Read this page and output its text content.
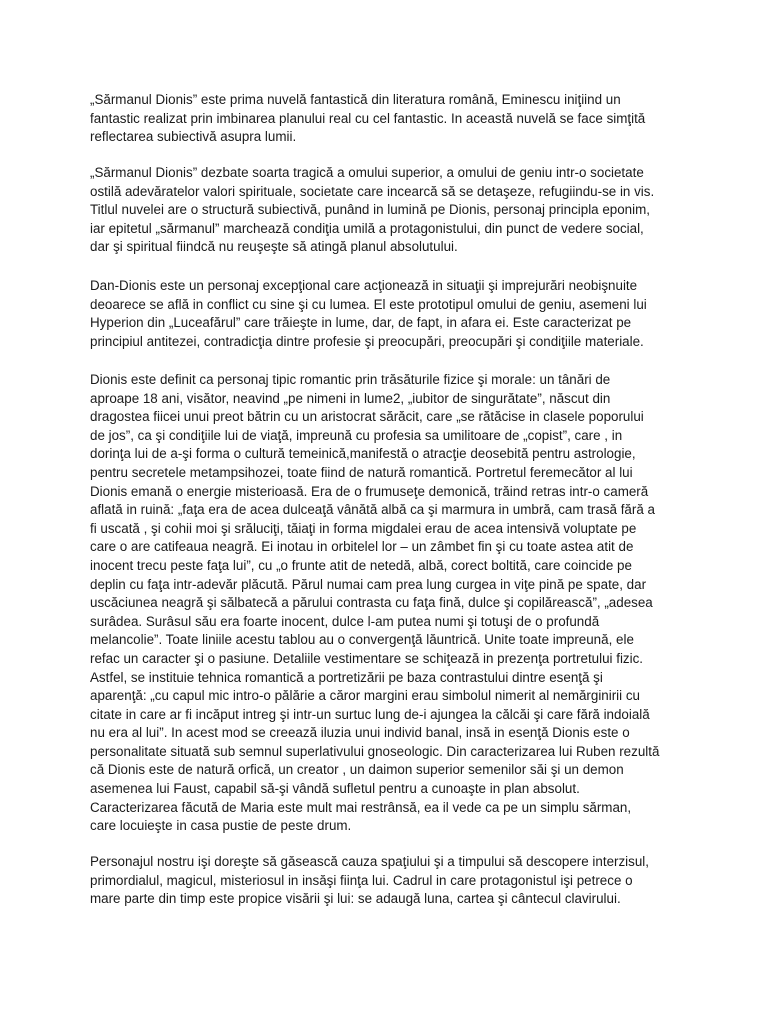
„Sărmanul Dionis” este prima nuvelă fantastică din literatura română, Eminescu iniţiind un
fantastic realizat prin imbinarea planului real cu cel fantastic. In această nuvelă se face simţită
reflectarea subiectivă asupra lumii.

„Sărmanul Dionis” dezbate soarta tragică a omului superior, a omului de geniu intr-o societate
ostilă adevăratelor valori spirituale, societate care incearcă să se detaşeze, refugiindu-se in vis.
Titlul nuvelei are o structură subiectivă, punând in lumină pe Dionis, personaj principla eponim,
iar epitetul „sărmanul” marchează condiţia umilă a protagonistului, din punct de vedere social,
dar şi spiritual fiindcă nu reuşeşte să atingă planul absolutului.

Dan-Dionis este un personaj excepţional care acţionează in situaţii şi imprejurări neobişnuite
deoarece se află in conflict cu sine şi cu lumea. El este prototipul omului de geniu, asemeni lui
Hyperion din „Luceafărul” care trăieşte in lume, dar, de fapt, in afara ei. Este caracterizat pe
principiul antitezei, contradicţia dintre profesie şi preocupări, preocupări şi condiţiile materiale.

Dionis este definit ca personaj tipic romantic prin trăsăturile fizice şi morale: un tânări de
aproape 18 ani, visător, neavind „pe nimeni in lume2, „iubitor de singurătate”, născut din
dragostea fiicei unui preot bătrin cu un aristocrat sărăcit, care „se rătăcise in clasele poporului
de jos”, ca şi condiţiile lui de viaţă, impreună cu profesia sa umilitoare de „copist”, care , in
dorinţa lui de a-şi forma o cultură temeinică,manifestă o atracţie deosebită pentru astrologie,
pentru secretele metampsihozei, toate fiind de natură romantică. Portretul feremecător al lui
Dionis emană o energie misterioasă. Era de o frumuseţe demonică, trăind retras intr-o cameră
aflată in ruină: „faţa era de acea dulceaţă vânătă albă ca şi marmura in umbră, cam trasă fără a
fi uscată , şi cohii moi şi srăluciţi, tăiaţi in forma migdalei erau de acea intensivă voluptate pe
care o are catifeaua neagră. Ei inotau in orbitelel lor – un zâmbet fin şi cu toate astea atit de
inocent trecu peste faţa lui”, cu „o frunte atit de netedă, albă, corect boltită, care coincide pe
deplin cu faţa intr-adevăr plăcută. Părul numai cam prea lung curgea in viţe pină pe spate, dar
uscăciunea neagră şi sălbatecă a părului contrasta cu faţa fină, dulce şi copilărească”, „adesea
surâdea. Surâsul său era foarte inocent, dulce l-am putea numi şi totuşi de o profundă
melancolie”. Toate liniile acestu tablou au o convergenţă lăuntrică. Unite toate impreună, ele
refac un caracter şi o pasiune. Detaliile vestimentare se schiţează in prezenţa portretului fizic.
Astfel, se instituie tehnica romantică a portretizării pe baza contrastului dintre esenţă şi
aparenţă: „cu capul mic intro-o pălărie a căror margini erau simbolul nimerit al nemărginirii cu
citate in care ar fi incăput intreg şi intr-un surtuc lung de-i ajungea la călcăi şi care fără indoială
nu era al lui”. In acest mod se creează iluzia unui individ banal, insă in esenţă Dionis este o
personalitate situată sub semnul superlativului gnoseologic. Din caracterizarea lui Ruben rezultă
că Dionis este de natură orfică, un creator , un daimon superior semenilor săi şi un demon
asemenea lui Faust, capabil să-şi vândă sufletul pentru a cunoaşte in plan absolut.
Caracterizarea făcută de Maria este mult mai restrânsă, ea il vede ca pe un simplu sărman,
care locuieşte in casa pustie de peste drum.

Personajul nostru işi doreşte să găsească cauza spaţiului şi a timpului să descopere interzisul,
primordialul, magicul, misteriosul in insăşi fiinţa lui. Cadrul in care protagonistul işi petrece o
mare parte din timp este propice visării şi lui: se adaugă luna, cartea şi cântecul clavirului.
